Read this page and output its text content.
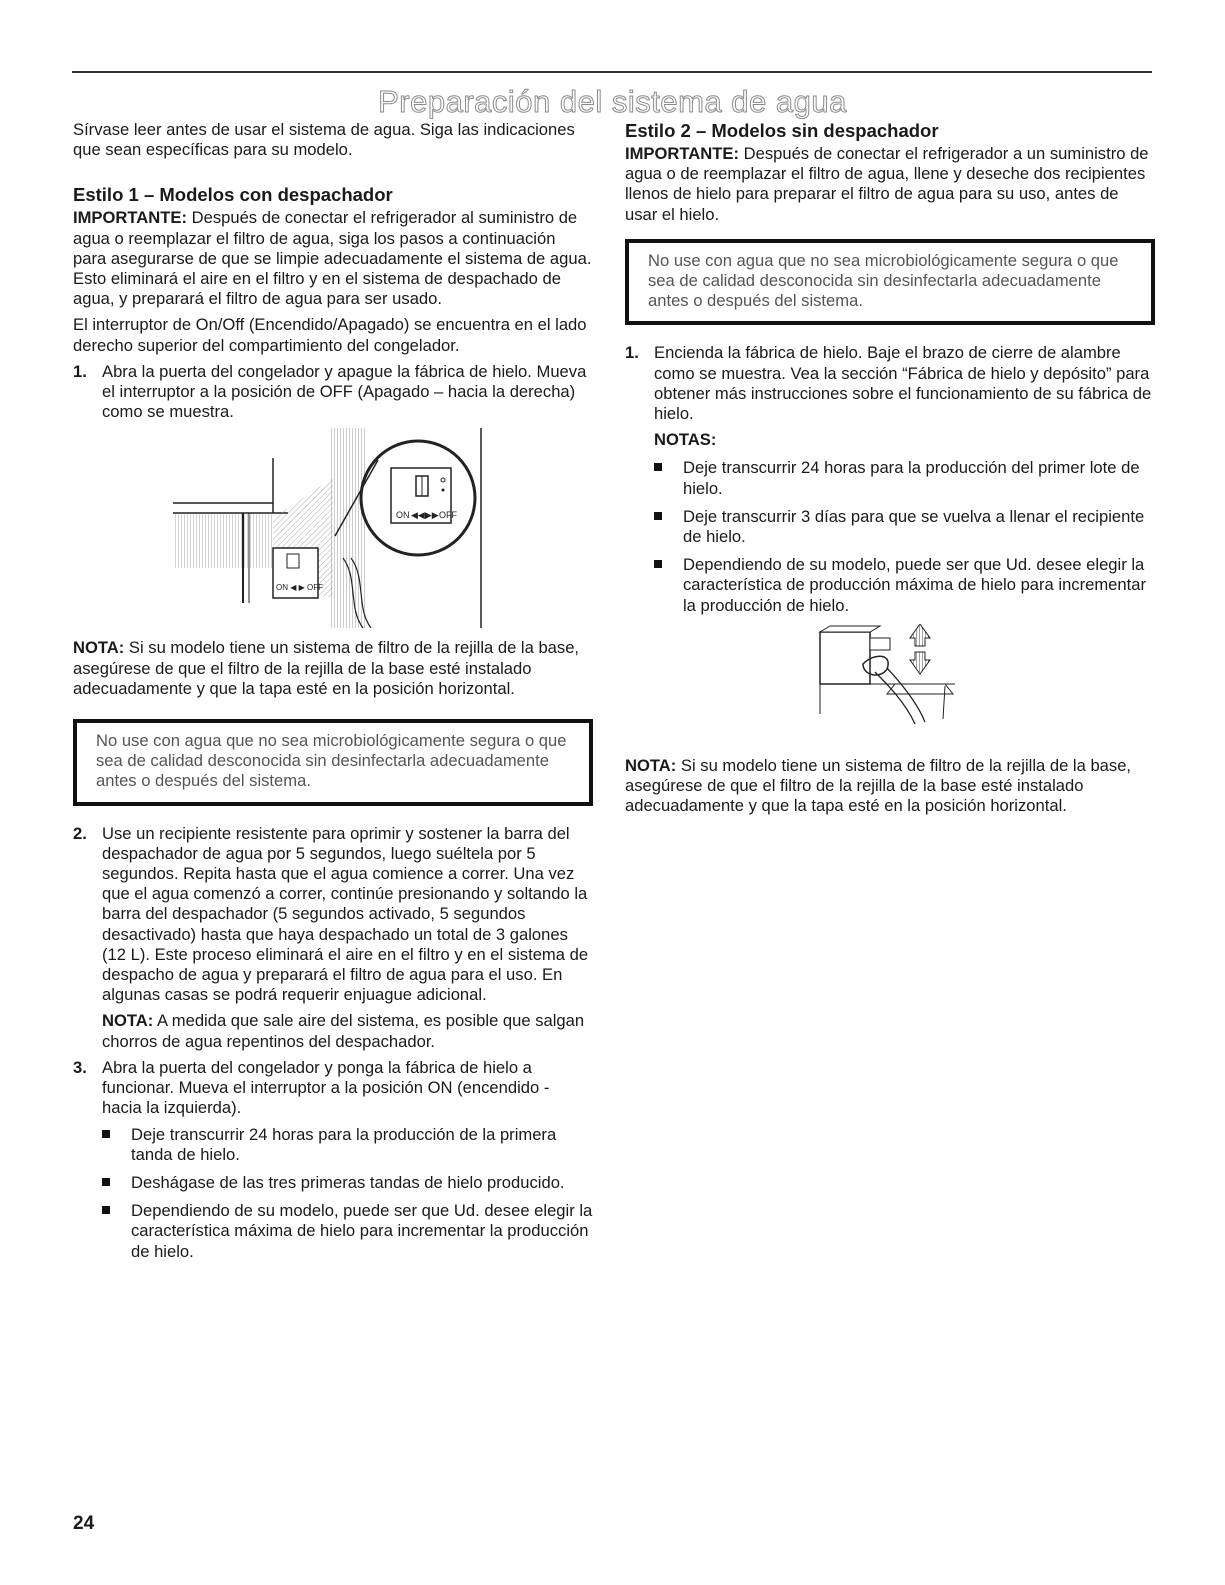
Preparación del sistema de agua

Sírvase leer antes de usar el sistema de agua. Siga las indicaciones que sean específicas para su modelo.

Estilo 1 – Modelos con despachador

IMPORTANTE: Después de conectar el refrigerador al suministro de agua o reemplazar el filtro de agua, siga los pasos a continuación para asegurarse de que se limpie adecuadamente el sistema de agua. Esto eliminará el aire en el filtro y en el sistema de despachado de agua, y preparará el filtro de agua para ser usado.

El interruptor de On/Off (Encendido/Apagado) se encuentra en el lado derecho superior del compartimiento del congelador.

1. Abra la puerta del congelador y apague la fábrica de hielo. Mueva el interruptor a la posición de OFF (Apagado – hacia la derecha) como se muestra.
ON ◀ ▶ OFF
ON ◀◀▶▶ OFF

NOTA: Si su modelo tiene un sistema de filtro de la rejilla de la base, asegúrese de que el filtro de la rejilla de la base esté instalado adecuadamente y que la tapa esté en la posición horizontal.

No use con agua que no sea microbiológicamente segura o que sea de calidad desconocida sin desinfectarla adecuadamente antes o después del sistema.
2. Use un recipiente resistente para oprimir y sostener la barra del despachador de agua por 5 segundos, luego suéltela por 5 segundos. Repita hasta que el agua comience a correr. Una vez que el agua comenzó a correr, continúe presionando y soltando la barra del despachador (5 segundos activado, 5 segundos desactivado) hasta que haya despachado un total de 3 galones (12 L). Este proceso eliminará el aire en el filtro y en el sistema de despacho de agua y preparará el filtro de agua para el uso. En algunas casas se podrá requerir enjuague adicional.

NOTA: A medida que sale aire del sistema, es posible que salgan chorros de agua repentinos del despachador.

3. Abra la puerta del congelador y ponga la fábrica de hielo a funcionar. Mueva el interruptor a la posición ON (encendido - hacia la izquierda).
Deje transcurrir 24 horas para la producción de la primera tanda de hielo.
Deshágase de las tres primeras tandas de hielo producido.
Dependiendo de su modelo, puede ser que Ud. desee elegir la característica máxima de hielo para incrementar la producción de hielo.
Estilo 2 – Modelos sin despachador

IMPORTANTE: Después de conectar el refrigerador a un suministro de agua o de reemplazar el filtro de agua, llene y deseche dos recipientes llenos de hielo para preparar el filtro de agua para su uso, antes de usar el hielo.

No use con agua que no sea microbiológicamente segura o que sea de calidad desconocida sin desinfectarla adecuadamente antes o después del sistema.
1. Encienda la fábrica de hielo. Baje el brazo de cierre de alambre como se muestra. Vea la sección “Fábrica de hielo y depósito” para obtener más instrucciones sobre el funcionamiento de su fábrica de hielo.
NOTAS:
Deje transcurrir 24 horas para la producción del primer lote de hielo.
Deje transcurrir 3 días para que se vuelva a llenar el recipiente de hielo.
Dependiendo de su modelo, puede ser que Ud. desee elegir la característica de producción máxima de hielo para incrementar la producción de hielo.

NOTA: Si su modelo tiene un sistema de filtro de la rejilla de la base, asegúrese de que el filtro de la rejilla de la base esté instalado adecuadamente y que la tapa esté en la posición horizontal.

24
